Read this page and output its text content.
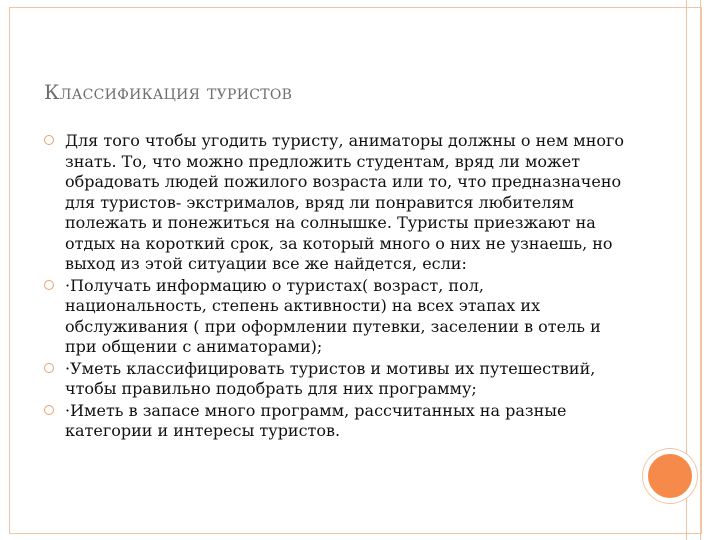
Классификация туристов
Для того чтобы угодить туристу, аниматоры должны о нем много знать. То, что можно предложить студентам, вряд ли может обрадовать людей пожилого возраста или то, что предназначено для туристов- экстрималов, вряд ли понравится любителям полежать и понежиться на солнышке. Туристы приезжают на отдых на короткий срок, за который много о них не узнаешь, но выход из этой ситуации все же найдется, если:
·Получать информацию о туристах( возраст, пол, национальность, степень активности) на всех этапах их обслуживания ( при оформлении путевки, заселении в отель и при общении с аниматорами);
·Уметь классифицировать туристов и мотивы их путешествий, чтобы правильно подобрать для них программу;
·Иметь в запасе много программ, рассчитанных на разные категории и интересы туристов.
